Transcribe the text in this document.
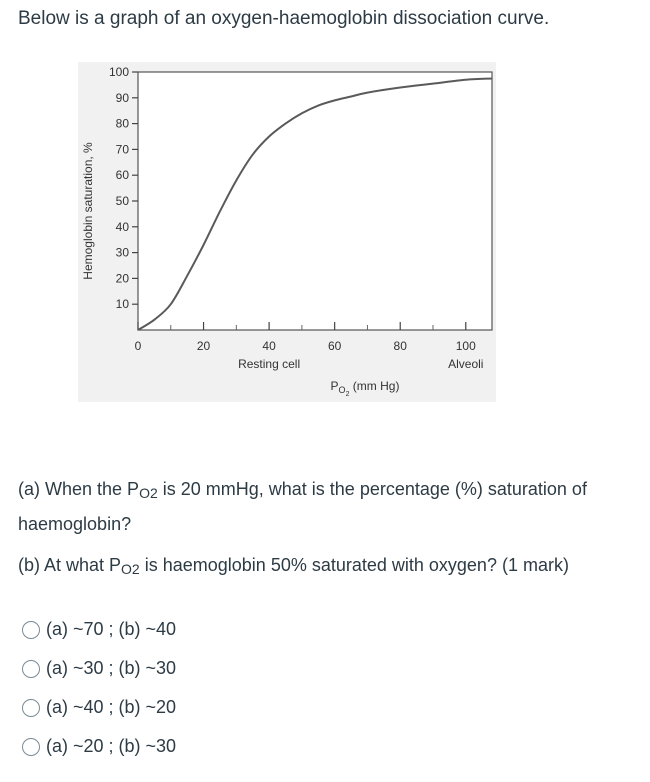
Below is a graph of an oxygen-haemoglobin dissociation curve.
10
20
30
40
50
60
70
80
90
100
0	20	40	60	80	100
Resting cell	Alveoli
$P_{O2}$ (mm Hg)
Hemoglobin saturation, %
(a) When the $P_{O2}$ is 20 mmHg, what is the percentage (%) saturation of haemoglobin?
(b) At what $P_{O2}$ is haemoglobin 50% saturated with oxygen? (1 mark)
(a) ~70 ; (b) ~40
(a) ~30 ; (b) ~30
(a) ~40 ; (b) ~20
(a) ~20 ; (b) ~30
